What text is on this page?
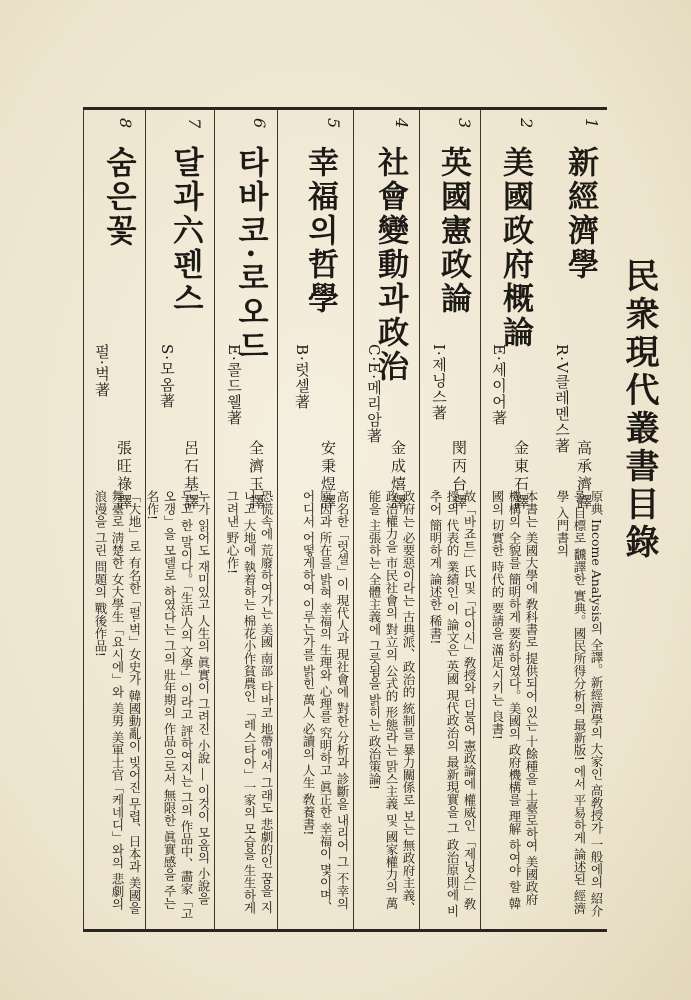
民衆現代叢書目錄
1
新經濟學
R·V클레멘스著
高承濟譯
原典 Income Analysis의 全譯。新經濟學의 大家인 高敎授가 一般에의 紹介를 目標로 飜譯한 實典。國民所得分析의 最新版! 에서 平易하게 論述된 經濟學 入門書의
2
美國政府概論
E·세이어著
金東石譯
本書는 美國大學에 敎科書로 提供되어 있는 十餘種을 土臺로하여 美國政府 機構의 全貌를 簡明하게 要約하였다。美國의 政府機構를 理解 하여야 할 韓國의 切實한 時代的 要請을 滿足시키는 良書!
3
英國憲政論
I·제닝스著
閔丙台譯
故「바죠트」氏 및「다이시」敎授와 더불어 憲政論에 權威인 「제닝스」敎授의 代表的 業績인 이 論文은 英國 現代政治의 最新現實을 그 政治原則에 비추어 簡明하게 論述한 稀書!
4
社會變動과政治
C·E·메리암著
金成熺譯
政府는 必要惡이라는 古典派、政治的 統制를 暴力關係로 보는 無政府主義、政治權力을 市民社會의 對立의 公式的 形態라는 맑스主義 및 國家權力의 萬能을 主張하는 全體主義에 그릇됨을 밝히는 政治策論!
5
幸福의哲學
B·럿셀著
安秉煜譯
高名한「럿셀」이 現代人과 現社會에 對한 分析과 診斷을 내리어 그 不幸의 原因과 所在를 밝혀 幸福의 生理와 心理를 究明하고 眞正한 幸福이 몇이며、어디서 어떻게하여 이루는가를 밝힌 萬人 必讀의 人生 敎養書!
6
타바코·로오드
E·콜드웰著
全濟玉譯
恐慌속에 荒廢하여가는 美國 南部 타바코 地帶에서 그래도 悲劇的인 꿈을 지니고 大地에 執着하는 棉花小作貧農인 「레스타아」一家의 모습을 生生하게 그려낸 野心作!
7
달과六펜스
S·모옴著
呂石基譯
누가 읽어도 재미있고 人生의 眞實이 그려진 小說 ― 이것이 모옴의 小說을 두고 한 말이다。「生活人의 文學」이라고 評하여지는 그의 作品中、畵家「고오갱」을 모델로 하였다는 그의 壯年期의 作品으로서 無限한 眞實感을 주는 名作!
8
숨은꽃
펄·벅著
張旺祿譯
「大地」로 有名한「펄·벅」女史가 韓國動亂이 빚어진 무렵、日本과 美國을 舞臺로 淸楚한 女大學生「요시에」와 美男 美軍士官「케네디」와의 悲劇의 浪漫을 그린 問題의 戰後作品!
